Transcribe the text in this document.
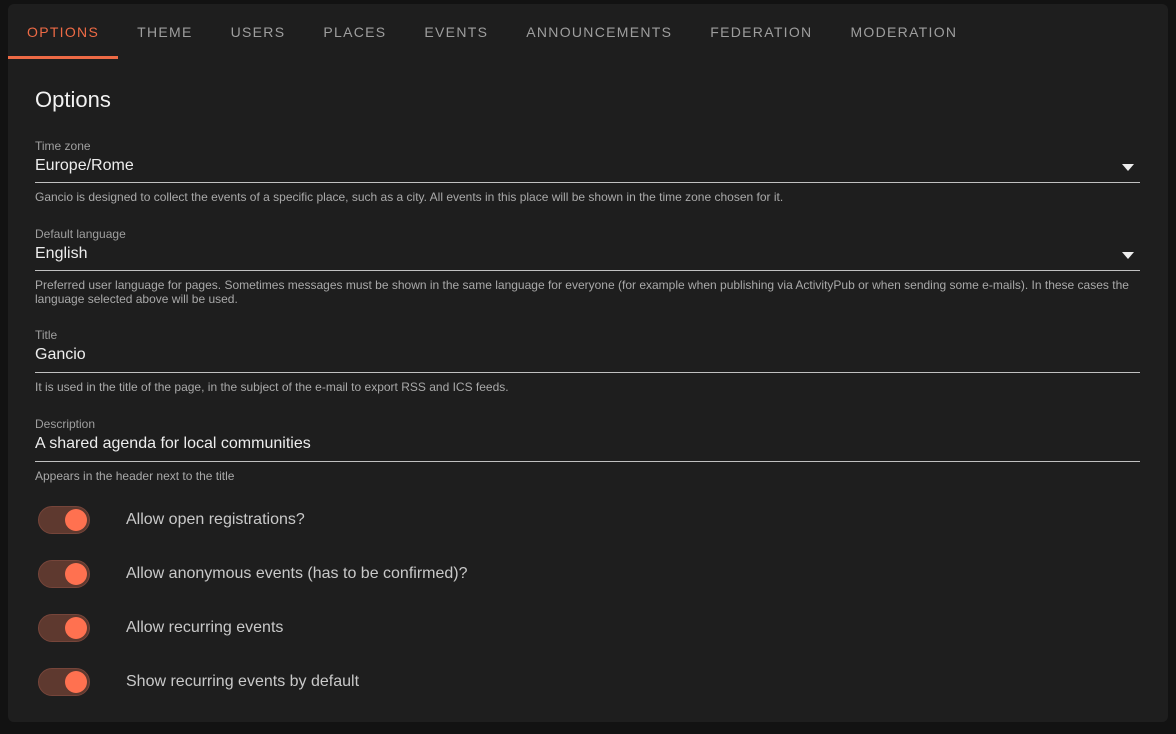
OPTIONS	THEME	USERS	PLACES	EVENTS	ANNOUNCEMENTS	FEDERATION	MODERATION
Options
Time zone
Europe/Rome
Gancio is designed to collect the events of a specific place, such as a city. All events in this place will be shown in the time zone chosen for it.
Default language
English
Preferred user language for pages. Sometimes messages must be shown in the same language for everyone (for example when publishing via ActivityPub or when sending some e-mails). In these cases the language selected above will be used.
Title
Gancio
It is used in the title of the page, in the subject of the e-mail to export RSS and ICS feeds.
Description
A shared agenda for local communities
Appears in the header next to the title
Allow open registrations?
Allow anonymous events (has to be confirmed)?
Allow recurring events
Show recurring events by default
